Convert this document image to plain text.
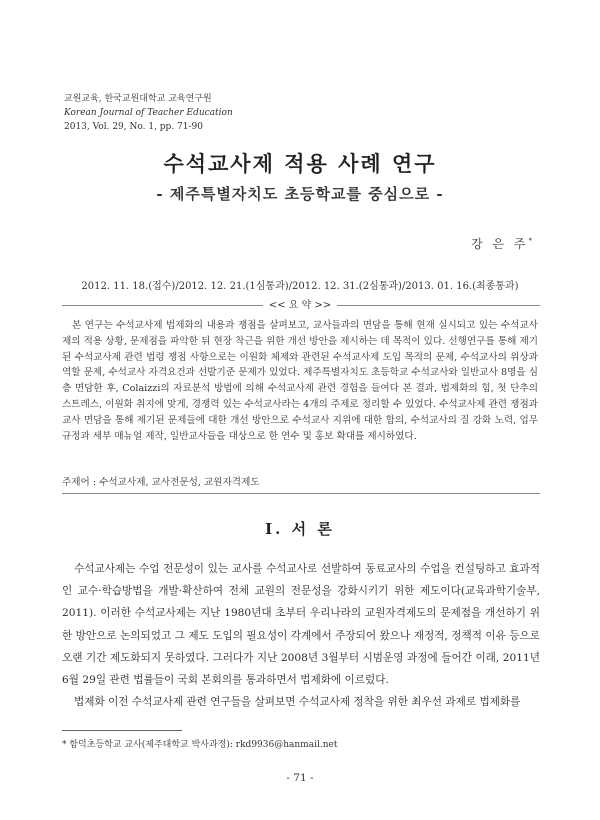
교원교육, 한국교원대학교 교육연구원
Korean Journal of Teacher Education
2013, Vol. 29, No. 1, pp. 71-90
수석교사제 적용 사례 연구
- 제주특별자치도 초등학교를 중심으로 -
강 은 주*
2012. 11. 18.(접수)/2012. 12. 21.(1심통과)/2012. 12. 31.(2심통과)/2013. 01. 16.(최종통과)
<< 요 약 >>
본 연구는 수석교사제 법제화의 내용과 쟁점을 살펴보고, 교사들과의 면담을 통해 현재 실시되고 있는 수석교사제의 적용 상황, 문제점을 파악한 뒤 현장 착근을 위한 개선 방안을 제시하는 데 목적이 있다. 선행연구를 통해 제기된 수석교사제 관련 법령 쟁점 사항으로는 이원화 체제와 관련된 수석교사제 도입 목적의 문제, 수석교사의 위상과 역할 문제, 수석교사 자격요건과 선발기준 문제가 있었다. 제주특별자치도 초등학교 수석교사와 일반교사 8명을 심층 면담한 후, Colaizzi의 자료분석 방법에 의해 수석교사제 관련 경험을 들여다 본 결과, 법제화의 힘, 첫 단추의 스트레스, 이원화 취지에 맞게, 경쟁력 있는 수석교사라는 4개의 주제로 정리할 수 있었다. 수석교사제 관련 쟁점과 교사 면담을 통해 제기된 문제들에 대한 개선 방안으로 수석교사 지위에 대한 합의, 수석교사의 질 강화 노력, 업무 규정과 세부 매뉴얼 제작, 일반교사들을 대상으로 한 연수 및 홍보 확대를 제시하였다.
주제어 : 수석교사제, 교사전문성, 교원자격제도
Ⅰ. 서 론

수석교사제는 수업 전문성이 있는 교사를 수석교사로 선발하여 동료교사의 수업을 컨설팅하고 효과적인 교수·학습방법을 개발·확산하여 전체 교원의 전문성을 강화시키기 위한 제도이다(교육과학기술부, 2011). 이러한 수석교사제는 지난 1980년대 초부터 우리나라의 교원자격제도의 문제점을 개선하기 위한 방안으로 논의되었고 그 제도 도입의 필요성이 각계에서 주장되어 왔으나 재정적, 정책적 이유 등으로 오랜 기간 제도화되지 못하였다. 그러다가 지난 2008년 3월부터 시범운영 과정에 들어간 이래, 2011년 6월 29일 관련 법률들이 국회 본회의를 통과하면서 법제화에 이르렀다.

법제화 이전 수석교사제 관련 연구들을 살펴보면 수석교사제 정착을 위한 최우선 과제로 법제화를

* 함덕초등학교 교사(제주대학교 박사과정): rkd9936@hanmail.net
- 71 -
